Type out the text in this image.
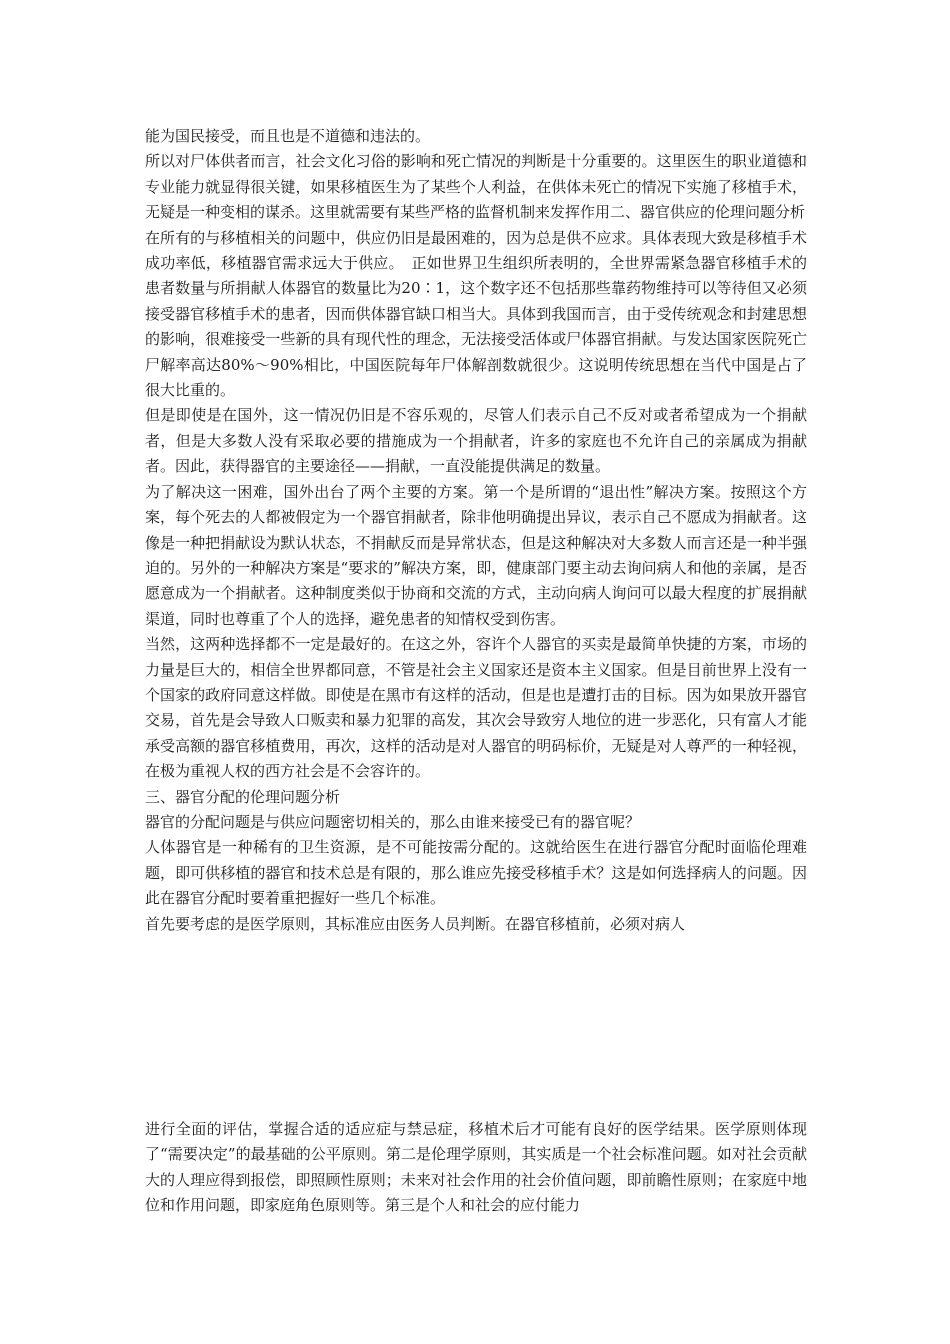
能为国民接受，而且也是不道德和违法的。

所以对尸体供者而言，社会文化习俗的影响和死亡情况的判断是十分重要的。这里医生的职业道德和专业能力就显得很关键，如果移植医生为了某些个人利益，在供体未死亡的情况下实施了移植手术，无疑是一种变相的谋杀。这里就需要有某些严格的监督机制来发挥作用二、器官供应的伦理问题分析

在所有的与移植相关的问题中，供应仍旧是最困难的，因为总是供不应求。具体表现大致是移植手术成功率低，移植器官需求远大于供应。　正如世界卫生组织所表明的，全世界需紧急器官移植手术的患者数量与所捐献人体器官的数量比为20∶1，这个数字还不包括那些靠药物维持可以等待但又必须接受器官移植手术的患者，因而供体器官缺口相当大。具体到我国而言，由于受传统观念和封建思想的影响，很难接受一些新的具有现代性的理念，无法接受活体或尸体器官捐献。与发达国家医院死亡尸解率高达80%～90%相比，中国医院每年尸体解剖数就很少。这说明传统思想在当代中国是占了很大比重的。

但是即使是在国外，这一情况仍旧是不容乐观的，尽管人们表示自己不反对或者希望成为一个捐献者，但是大多数人没有采取必要的措施成为一个捐献者，许多的家庭也不允许自己的亲属成为捐献者。因此，获得器官的主要途径——捐献，一直没能提供满足的数量。

为了解决这一困难，国外出台了两个主要的方案。第一个是所谓的“退出性”解决方案。按照这个方案，每个死去的人都被假定为一个器官捐献者，除非他明确提出异议，表示自己不愿成为捐献者。这像是一种把捐献设为默认状态，不捐献反而是异常状态，但是这种解决对大多数人而言还是一种半强迫的。另外的一种解决方案是“要求的”解决方案，即，健康部门要主动去询问病人和他的亲属，是否愿意成为一个捐献者。这种制度类似于协商和交流的方式，主动向病人询问可以最大程度的扩展捐献渠道，同时也尊重了个人的选择，避免患者的知情权受到伤害。

当然，这两种选择都不一定是最好的。在这之外，容许个人器官的买卖是最简单快捷的方案，市场的力量是巨大的，相信全世界都同意，不管是社会主义国家还是资本主义国家。但是目前世界上没有一个国家的政府同意这样做。即使是在黑市有这样的活动，但是也是遭打击的目标。因为如果放开器官交易，首先是会导致人口贩卖和暴力犯罪的高发，其次会导致穷人地位的进一步恶化，只有富人才能承受高额的器官移植费用，再次，这样的活动是对人器官的明码标价，无疑是对人尊严的一种轻视，在极为重视人权的西方社会是不会容许的。

三、器官分配的伦理问题分析

器官的分配问题是与供应问题密切相关的，那么由谁来接受已有的器官呢？

人体器官是一种稀有的卫生资源，是不可能按需分配的。这就给医生在进行器官分配时面临伦理难题，即可供移植的器官和技术总是有限的，那么谁应先接受移植手术？这是如何选择病人的问题。因此在器官分配时要着重把握好一些几个标准。

首先要考虑的是医学原则，其标准应由医务人员判断。在器官移植前，必须对病人

进行全面的评估，掌握合适的适应症与禁忌症，移植术后才可能有良好的医学结果。医学原则体现了“需要决定”的最基础的公平原则。第二是伦理学原则，其实质是一个社会标准问题。如对社会贡献大的人理应得到报偿，即照顾性原则；未来对社会作用的社会价值问题，即前瞻性原则；在家庭中地位和作用问题，即家庭角色原则等。第三是个人和社会的应付能力
